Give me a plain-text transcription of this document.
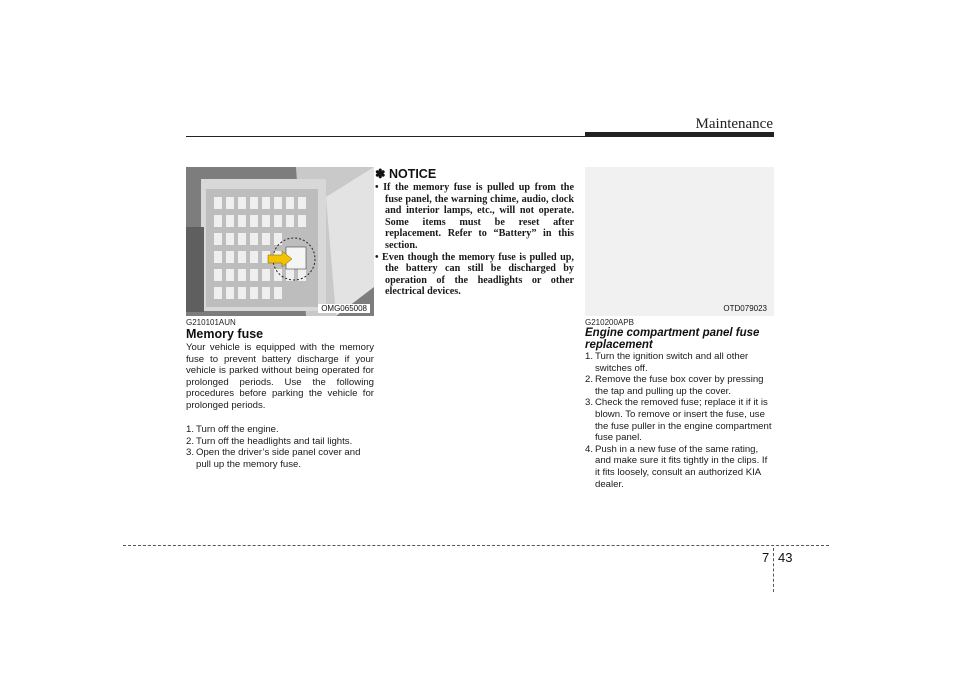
Maintenance
OMG065008
G210101AUN
Memory fuse
Your vehicle is equipped with the memory fuse to prevent battery discharge if your vehicle is parked without being operated for prolonged periods. Use the following procedures before parking the vehicle for prolonged periods.
1. Turn off the engine.
2. Turn off the headlights and tail lights.
3. Open the driver’s side panel cover and pull up the memory fuse.
✽ NOTICE
• If the memory fuse is pulled up from the fuse panel, the warning chime, audio, clock and interior lamps, etc., will not operate. Some items must be reset after replacement. Refer to “Battery” in this section.
• Even though the memory fuse is pulled up, the battery can still be discharged by operation of the headlights or other electrical devices.
OTD079023
G210200APB
Engine compartment panel fuse replacement
1. Turn the ignition switch and all other switches off.
2. Remove the fuse box cover by pressing the tap and pulling up the cover.
3. Check the removed fuse; replace it if it is blown. To remove or insert the fuse, use the fuse puller in the engine compartment fuse panel.
4. Push in a new fuse of the same rating, and make sure it fits tightly in the clips. If it fits loosely, consult an authorized KIA dealer.
7 43
